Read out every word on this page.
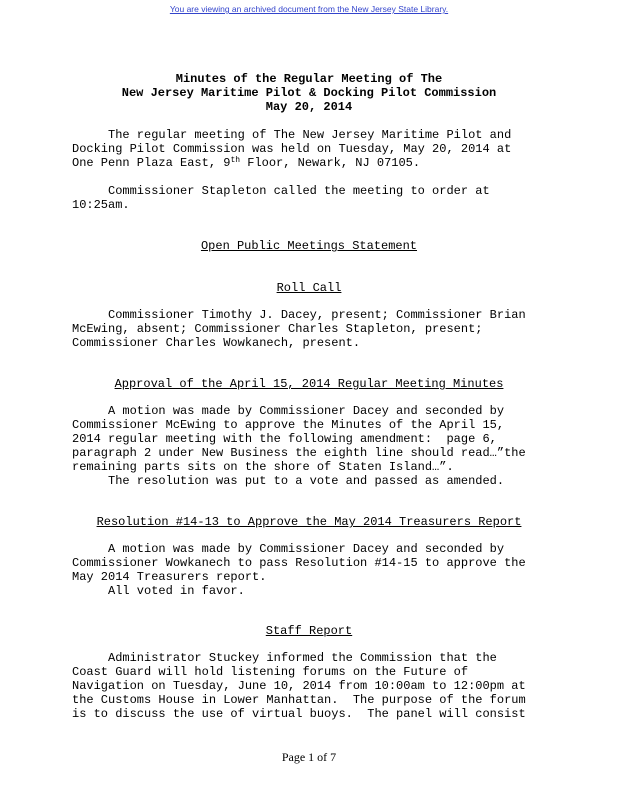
You are viewing an archived document from the New Jersey State Library.
Minutes of the Regular Meeting of The
New Jersey Maritime Pilot & Docking Pilot Commission
May 20, 2014
The regular meeting of The New Jersey Maritime Pilot and
Docking Pilot Commission was held on Tuesday, May 20, 2014 at
One Penn Plaza East, 9th Floor, Newark, NJ 07105.
Commissioner Stapleton called the meeting to order at
10:25am.
Open Public Meetings Statement
Roll Call
Commissioner Timothy J. Dacey, present; Commissioner Brian
McEwing, absent; Commissioner Charles Stapleton, present;
Commissioner Charles Wowkanech, present.
Approval of the April 15, 2014 Regular Meeting Minutes
A motion was made by Commissioner Dacey and seconded by
Commissioner McEwing to approve the Minutes of the April 15,
2014 regular meeting with the following amendment:  page 6,
paragraph 2 under New Business the eighth line should read…”the
remaining parts sits on the shore of Staten Island…”.
The resolution was put to a vote and passed as amended.
Resolution #14-13 to Approve the May 2014 Treasurers Report
A motion was made by Commissioner Dacey and seconded by
Commissioner Wowkanech to pass Resolution #14-15 to approve the
May 2014 Treasurers report.
All voted in favor.
Staff Report
Administrator Stuckey informed the Commission that the
Coast Guard will hold listening forums on the Future of
Navigation on Tuesday, June 10, 2014 from 10:00am to 12:00pm at
the Customs House in Lower Manhattan.  The purpose of the forum
is to discuss the use of virtual buoys.  The panel will consist
Page 1 of 7
